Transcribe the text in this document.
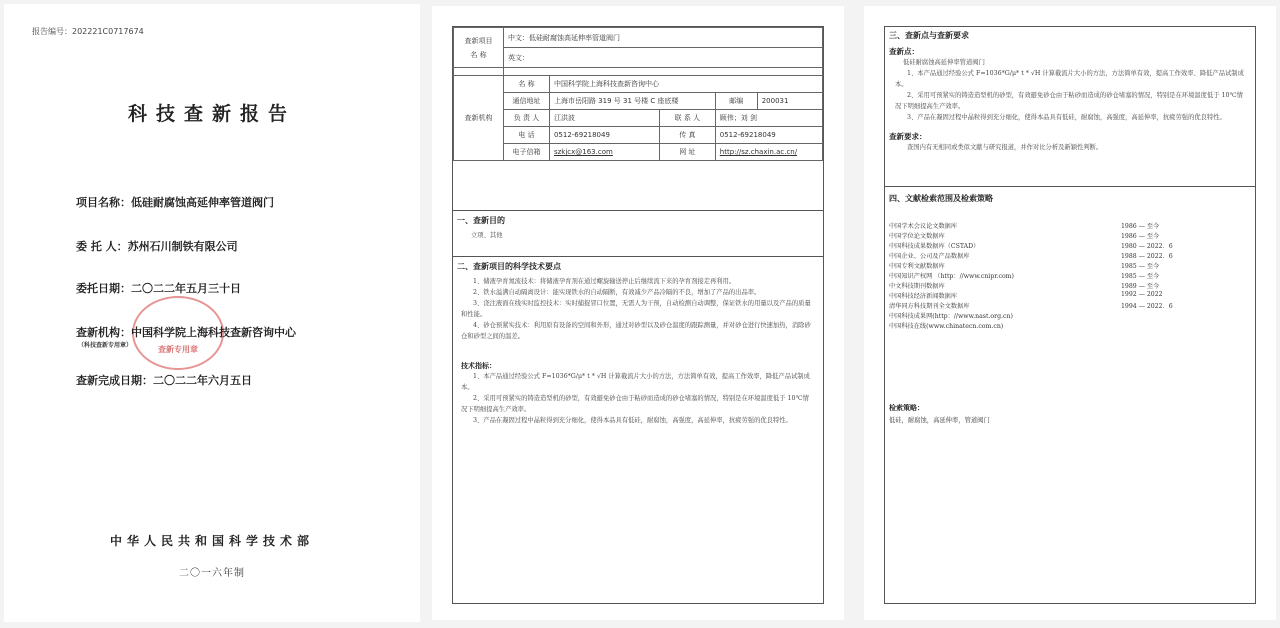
报告编号：202221C0717674
科技查新报告
项目名称：低硅耐腐蚀高延伸率管道阀门
委 托 人：苏州石川制铁有限公司
委托日期：二〇二二年五月三十日
查新专用章
查新机构：中国科学院上海科技查新咨询中心
（科技查新专用章）
查新完成日期：二〇二二年六月五日
中华人民共和国科学技术部
二〇一六年制
查新项目
名 称	中文：低硅耐腐蚀高延伸率管道阀门				
	英文：				

查新机构	名 称	中国科学院上海科技查新咨询中心			
	通信地址	上海市岳阳路 319 号 31 号楼 C 座底楼		邮编	200031
	负 责 人	江洪波	联 系 人	顾伟；刘 剑	
	电 话	0512-69218049	传 真	0512-69218049	
	电子信箱	szkjcx@163.com	网 址	http://sz.chaxin.ac.cn/	
一、查新目的
立项、其他
二、查新项目的科学技术要点

1、储液孕育氮流技术：将储液孕育剂在通过螺旋输送停止后继续流下来的孕育剂接走再利用。

2、铁水溢满自动隔离设计：能实现铁水的自动隔断，有效减少产品冷隔的不良，增加了产品的出品率。

3、浇注液面在线实时监控技术：实时捕捉冒口位置，无需人为干预，自动检测自动调整，保证铁水的用量以及产品的质量和性能。

4、砂仓预紧实技术：利用原有设备的空间和外形，通过对砂型以及砂仓温度的跟踪测量，并对砂仓进行快速加热，消除砂仓和砂型之间的温差。

技术指标：

1、本产品通过经验公式 F=1036*G/μ* t * √H 计算截流片大小的方法，方法简单有效，提高工作效率，降低产品试制成本。

2、采用可预紧实的铸造造型机的砂型，有效避免砂仓由于粘砂而造成的砂仓堵塞的情况，特别是在环境温度低于 10℃情况下明细提高生产效率。

3、产品在凝固过程中晶粒得到充分细化，使得本品具有低硅，耐腐蚀，高强度，高延伸率，抗疲劳强的优良特性。

三、查新点与查新要求
查新点：

低硅耐腐蚀高延伸率管道阀门

1、本产品通过经验公式 F=1036*G/μ* t * √H 计算截流片大小的方法，方法简单有效，提高工作效率、降低产品试制成本。

2、采用可预紧实的铸造造型机的砂型，有效避免砂仓由于粘砂而造成的砂仓堵塞的情况，特别是在环境温度低于 10℃情况下明细提高生产效率。

3、产品在凝固过程中晶粒得到充分细化，使得本品具有低硅，耐腐蚀，高强度，高延伸率，抗疲劳强的优良特性。

查新要求：

查国内有无相同或类似文献与研究报道，并作对比分析及新颖性判断。

四、文献检索范围及检索策略
中国学术会议论文数据库	1986 — 至今
中国学位论文数据库	1986 — 至今
中国科技成果数据库（CSTAD）	1980 — 2022．6
中国企业、公司及产品数据库	1988 — 2022．6
中国专利文献数据库	1985 — 至今
中国知识产权网 （http：//www.cnipr.com)	1985 — 至今
中文科技期刊数据库	1989 — 至今
中国科技经济新闻数据库	1992 — 2022
清华同方科技期刊全文数据库	1994 — 2022．6
中国科技成果网(http：//www.nast.org.cn)
中国科技在线(www.chinatecn.com.cn)
检索策略：
低硅，耐腐蚀，高延伸率，管道阀门
